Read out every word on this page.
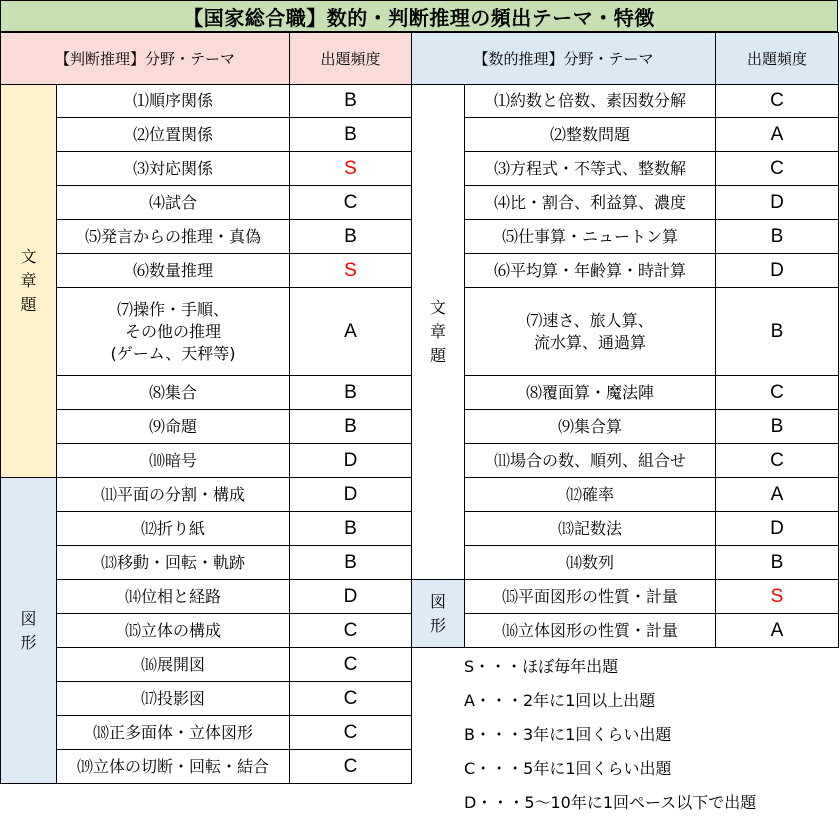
【国家総合職】数的・判断推理の頻出テーマ・特徴
【判断推理】分野・テーマ		出題頻度

文
章
題	⑴順序関係	B

	⑵位置関係	B

	⑶対応関係	S

	⑷試合	C

	⑸発言からの推理・真偽	B

	⑹数量推理	S

	⑺操作・手順、
その他の推理
(ゲーム、天秤等)	A

	⑻集合	B

	⑼命題	B

	⑽暗号	D

図
形	⑾平面の分割・構成	D

	⑿折り紙	B

	⒀移動・回転・軌跡	B

	⒁位相と経路	D

	⒂立体の構成	C

	⒃展開図	C

	⒄投影図	C

	⒅正多面体・立体図形	C

	⒆立体の切断・回転・結合	C
【数的推理】分野・テーマ		出題頻度

文
章
題	⑴約数と倍数、素因数分解	C

	⑵整数問題	A

	⑶方程式・不等式、整数解	C

	⑷比・割合、利益算、濃度	D

	⑸仕事算・ニュートン算	B

	⑹平均算・年齢算・時計算	D

	⑺速さ、旅人算、
流水算、通過算	B

	⑻覆面算・魔法陣	C

	⑼集合算	B

	⑾場合の数、順列、組合せ	C

	⑿確率	A

	⒀記数法	D

	⒁数列	B

図
形	⒂平面図形の性質・計量	S

	⒃立体図形の性質・計量	A
S・・・ほぼ毎年出題
A・・・2年に1回以上出題
B・・・3年に1回くらい出題
C・・・5年に1回くらい出題
D・・・5～10年に1回ペース以下で出題
